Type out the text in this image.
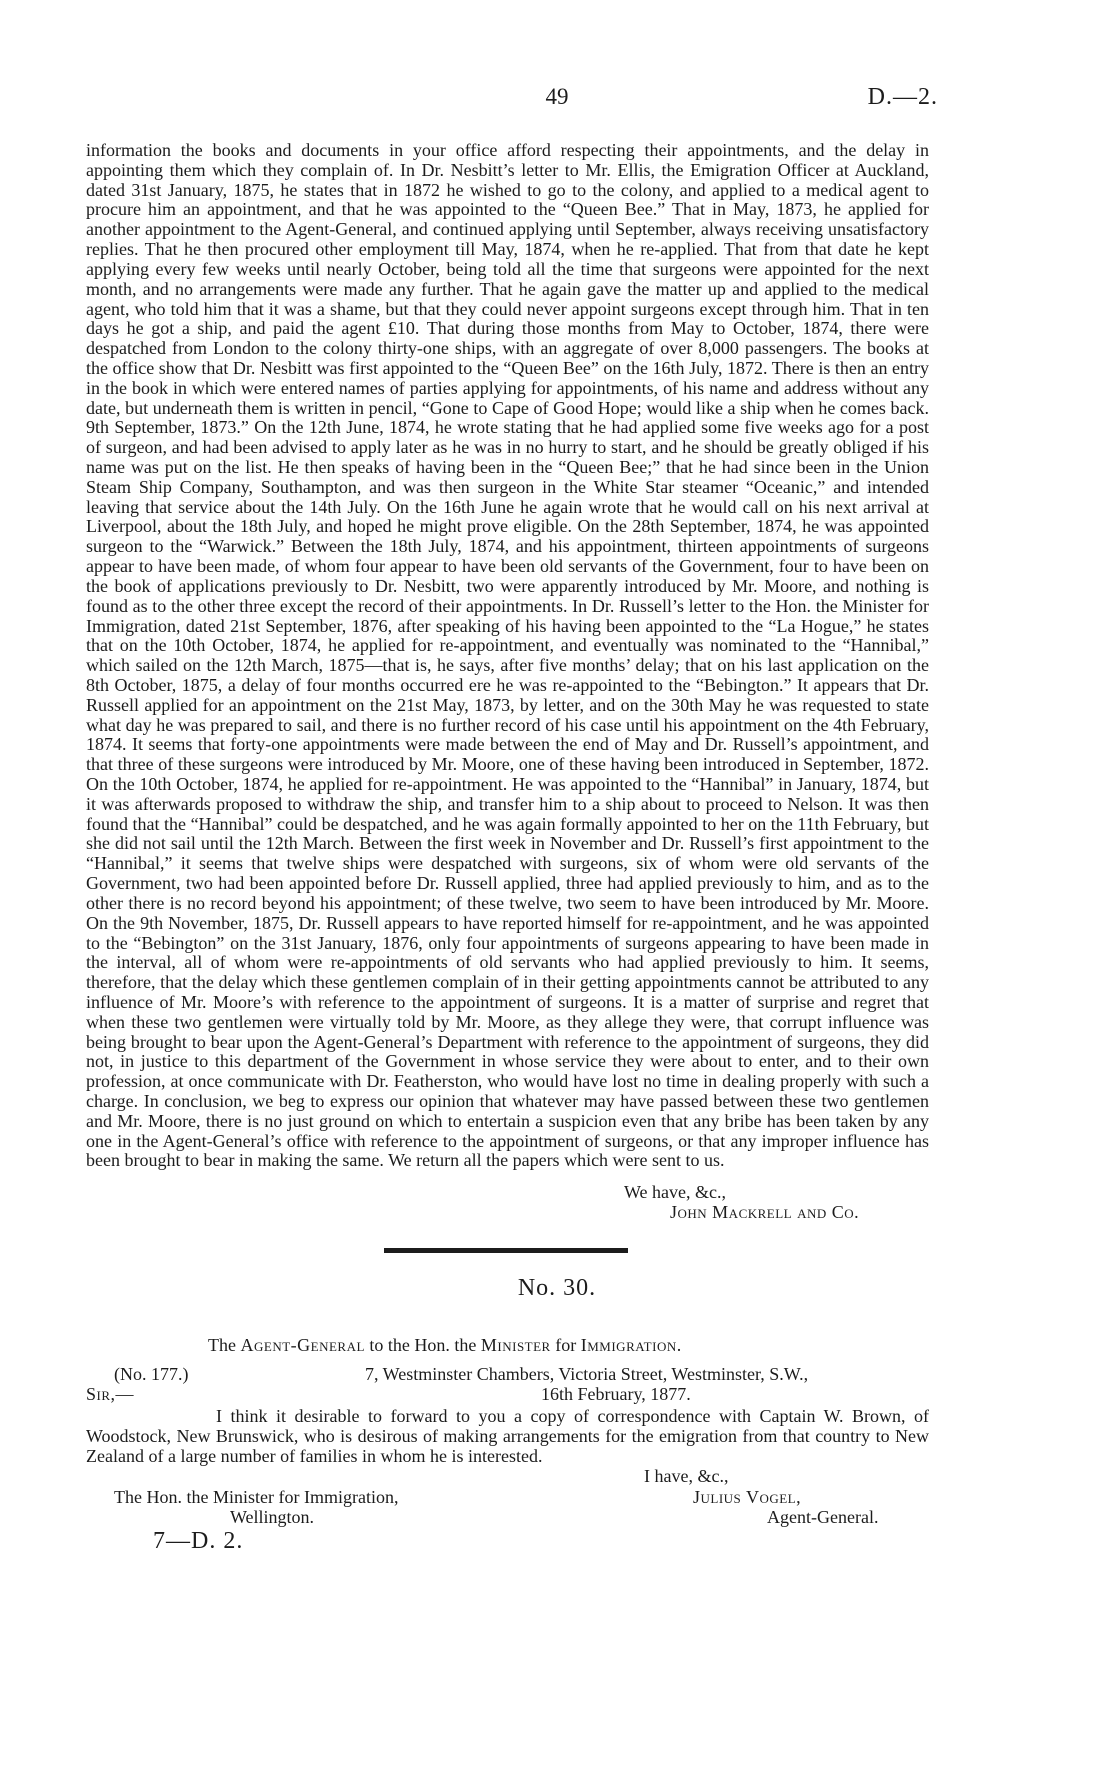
49	D.—2.

information the books and documents in your office afford respecting their appointments, and the delay in appointing them which they complain of. In Dr. Nesbitt’s letter to Mr. Ellis, the Emigration Officer at Auckland, dated 31st January, 1875, he states that in 1872 he wished to go to the colony, and applied to a medical agent to procure him an appointment, and that he was appointed to the “Queen Bee.” That in May, 1873, he applied for another appointment to the Agent-General, and continued applying until September, always receiving unsatisfactory replies. That he then procured other employment till May, 1874, when he re-applied. That from that date he kept applying every few weeks until nearly October, being told all the time that surgeons were appointed for the next month, and no arrangements were made any further. That he again gave the matter up and applied to the medical agent, who told him that it was a shame, but that they could never appoint surgeons except through him. That in ten days he got a ship, and paid the agent £10. That during those months from May to October, 1874, there were despatched from London to the colony thirty-one ships, with an aggregate of over 8,000 passengers. The books at the office show that Dr. Nesbitt was first appointed to the “Queen Bee” on the 16th July, 1872. There is then an entry in the book in which were entered names of parties applying for appointments, of his name and address without any date, but underneath them is written in pencil, “Gone to Cape of Good Hope; would like a ship when he comes back. 9th September, 1873.” On the 12th June, 1874, he wrote stating that he had applied some five weeks ago for a post of surgeon, and had been advised to apply later as he was in no hurry to start, and he should be greatly obliged if his name was put on the list. He then speaks of having been in the “Queen Bee;” that he had since been in the Union Steam Ship Company, Southampton, and was then surgeon in the White Star steamer “Oceanic,” and intended leaving that service about the 14th July. On the 16th June he again wrote that he would call on his next arrival at Liverpool, about the 18th July, and hoped he might prove eligible. On the 28th September, 1874, he was appointed surgeon to the “Warwick.” Between the 18th July, 1874, and his appointment, thirteen appointments of surgeons appear to have been made, of whom four appear to have been old servants of the Government, four to have been on the book of applications previously to Dr. Nesbitt, two were apparently introduced by Mr. Moore, and nothing is found as to the other three except the record of their appointments. In Dr. Russell’s letter to the Hon. the Minister for Immigration, dated 21st September, 1876, after speaking of his having been appointed to the “La Hogue,” he states that on the 10th October, 1874, he applied for re-appointment, and eventually was nominated to the “Hannibal,” which sailed on the 12th March, 1875—that is, he says, after five months’ delay; that on his last application on the 8th October, 1875, a delay of four months occurred ere he was re-appointed to the “Bebington.” It appears that Dr. Russell applied for an appointment on the 21st May, 1873, by letter, and on the 30th May he was requested to state what day he was prepared to sail, and there is no further record of his case until his appointment on the 4th February, 1874. It seems that forty-one appointments were made between the end of May and Dr. Russell’s appointment, and that three of these surgeons were introduced by Mr. Moore, one of these having been introduced in September, 1872. On the 10th October, 1874, he applied for re-appointment. He was appointed to the “Hannibal” in January, 1874, but it was afterwards proposed to withdraw the ship, and transfer him to a ship about to proceed to Nelson. It was then found that the “Hannibal” could be despatched, and he was again formally appointed to her on the 11th February, but she did not sail until the 12th March. Between the first week in November and Dr. Russell’s first appointment to the “Hannibal,” it seems that twelve ships were despatched with surgeons, six of whom were old servants of the Government, two had been appointed before Dr. Russell applied, three had applied previously to him, and as to the other there is no record beyond his appointment; of these twelve, two seem to have been introduced by Mr. Moore. On the 9th November, 1875, Dr. Russell appears to have reported himself for re-appointment, and he was appointed to the “Bebington” on the 31st January, 1876, only four appointments of surgeons appearing to have been made in the interval, all of whom were re-appointments of old servants who had applied previously to him. It seems, therefore, that the delay which these gentlemen complain of in their getting appointments cannot be attributed to any influence of Mr. Moore’s with reference to the appointment of surgeons. It is a matter of surprise and regret that when these two gentlemen were virtually told by Mr. Moore, as they allege they were, that corrupt influence was being brought to bear upon the Agent-General’s Department with reference to the appointment of surgeons, they did not, in justice to this department of the Government in whose service they were about to enter, and to their own profession, at once communicate with Dr. Featherston, who would have lost no time in dealing properly with such a charge. In conclusion, we beg to express our opinion that whatever may have passed between these two gentlemen and Mr. Moore, there is no just ground on which to entertain a suspicion even that any bribe has been taken by any one in the Agent-General’s office with reference to the appointment of surgeons, or that any improper influence has been brought to bear in making the same. We return all the papers which were sent to us.

We have, &c.,
John Mackrell and Co.
No. 30.
The Agent-General to the Hon. the Minister for Immigration.
(No. 177.)	7, Westminster Chambers, Victoria Street, Westminster, S.W.,
Sir,—	16th February, 1877.

I think it desirable to forward to you a copy of correspondence with Captain W. Brown, of Woodstock, New Brunswick, who is desirous of making arrangements for the emigration from that country to New Zealand of a large number of families in whom he is interested.

I have, &c.,
The Hon. the Minister for Immigration,	Julius Vogel,
Wellington.	Agent-General.
7—D. 2.
